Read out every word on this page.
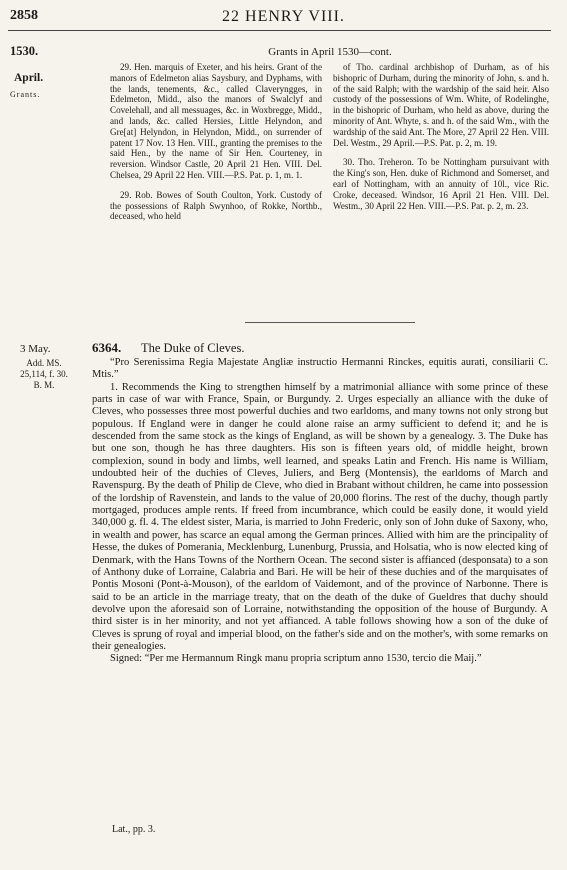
2858	22 HENRY VIII.
1530.
April.
Grants.
Grants in April 1530—cont.

29. Hen. marquis of Exeter, and his heirs. Grant of the manors of Edelmeton alias Saysbury, and Dyphams, with the lands, tenements, &c., called Claveryngges, in Edelmeton, Midd., also the manors of Swalclyf and Covelehall, and all messuages, &c. in Woxbregge, Midd., and lands, &c. called Hersies, Little Helyndon, and Gre[at] Helyndon, in Helyndon, Midd., on surrender of patent 17 Nov. 13 Hen. VIII., granting the premises to the said Hen., by the name of Sir Hen. Courteney, in reversion. Windsor Castle, 20 April 21 Hen. VIII. Del. Chelsea, 29 April 22 Hen. VIII.—P.S. Pat. p. 1, m. 1.

29. Rob. Bowes of South Coulton, York. Custody of the possessions of Ralph Swynhoo, of Rokke, Northb., deceased, who held

of Tho. cardinal archbishop of Durham, as of his bishopric of Durham, during the minority of John, s. and h. of the said Ralph; with the wardship of the said heir. Also custody of the possessions of Wm. White, of Rodelinghe, in the bishopric of Durham, who held as above, during the minority of Ant. Whyte, s. and h. of the said Wm., with the wardship of the said Ant. The More, 27 April 22 Hen. VIII. Del. Westm., 29 April.—P.S. Pat. p. 2, m. 19.

30. Tho. Treheron. To be Nottingham pursuivant with the King's son, Hen. duke of Richmond and Somerset, and earl of Nottingham, with an annuity of 10l., vice Ric. Croke, deceased. Windsor, 16 April 21 Hen. VIII. Del. Westm., 30 April 22 Hen. VIII.—P.S. Pat. p. 2, m. 23.

3 May.
Add. MS.
25,114, f. 30.
B. M.
6364. The Duke of Cleves.

“Pro Serenissima Regia Majestate Angliæ instructio Hermanni Rinckes, equitis aurati, consiliarii C. Mtis.”

1. Recommends the King to strengthen himself by a matrimonial alliance with some prince of these parts in case of war with France, Spain, or Burgundy. 2. Urges especially an alliance with the duke of Cleves, who possesses three most powerful duchies and two earldoms, and many towns not only strong but populous. If England were in danger he could alone raise an army sufficient to defend it; and he is descended from the same stock as the kings of England, as will be shown by a genealogy. 3. The Duke has but one son, though he has three daughters. His son is fifteen years old, of middle height, brown complexion, sound in body and limbs, well learned, and speaks Latin and French. His name is William, undoubted heir of the duchies of Cleves, Juliers, and Berg (Montensis), the earldoms of March and Ravenspurg. By the death of Philip de Cleve, who died in Brabant without children, he came into possession of the lordship of Ravenstein, and lands to the value of 20,000 florins. The rest of the duchy, though partly mortgaged, produces ample rents. If freed from incumbrance, which could be easily done, it would yield 340,000 g. fl. 4. The eldest sister, Maria, is married to John Frederic, only son of John duke of Saxony, who, in wealth and power, has scarce an equal among the German princes. Allied with him are the principality of Hesse, the dukes of Pomerania, Mecklenburg, Lunenburg, Prussia, and Holsatia, who is now elected king of Denmark, with the Hans Towns of the Northern Ocean. The second sister is affianced (desponsata) to a son of Anthony duke of Lorraine, Calabria and Bari. He will be heir of these duchies and of the marquisates of Pontis Mosoni (Pont-à-Mouson), of the earldom of Vaidemont, and of the province of Narbonne. There is said to be an article in the marriage treaty, that on the death of the duke of Gueldres that duchy should devolve upon the aforesaid son of Lorraine, notwithstanding the opposition of the house of Burgundy. A third sister is in her minority, and not yet affianced. A table follows showing how a son of the duke of Cleves is sprung of royal and imperial blood, on the father's side and on the mother's, with some remarks on their genealogies.

Signed: “Per me Hermannum Ringk manu propria scriptum anno 1530, tercio die Maij.”

Lat., pp. 3.
